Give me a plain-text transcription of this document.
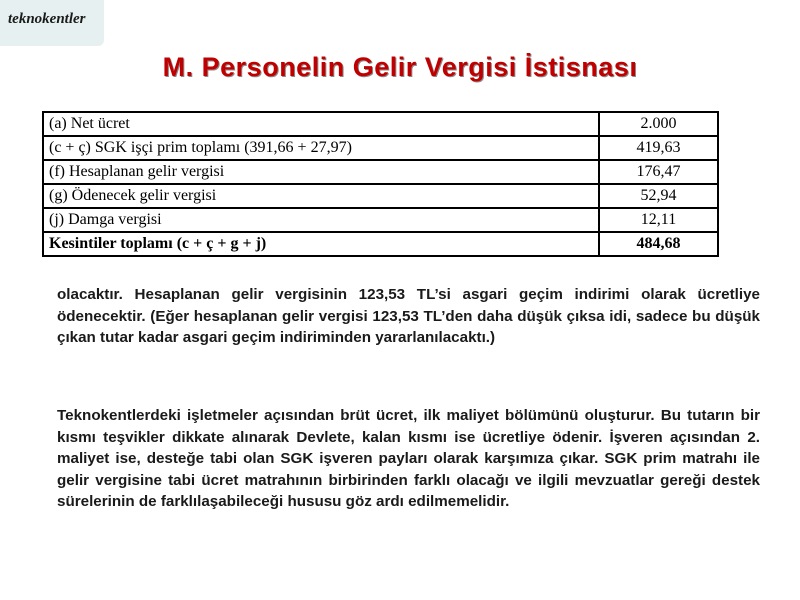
teknokentler
M. Personelin Gelir Vergisi İstisnası
(a) Net ücret	2.000
(c + ç) SGK işçi prim toplamı (391,66 + 27,97)	419,63
(f) Hesaplanan gelir vergisi	176,47
(g) Ödenecek gelir vergisi	52,94
(j) Damga vergisi	12,11
Kesintiler toplamı (c + ç + g + j)	484,68

olacaktır. Hesaplanan gelir vergisinin 123,53 TL’si asgari geçim indirimi olarak ücretliye ödenecektir. (Eğer hesaplanan gelir vergisi 123,53 TL’den daha düşük çıksa idi, sadece bu düşük çıkan tutar kadar asgari geçim indiriminden yararlanılacaktı.)

Teknokentlerdeki işletmeler açısından brüt ücret, ilk maliyet bölümünü oluşturur. Bu tutarın bir kısmı teşvikler dikkate alınarak Devlete, kalan kısmı ise ücretliye ödenir. İşveren açısından 2. maliyet ise, desteğe tabi olan SGK işveren payları olarak karşımıza çıkar. SGK prim matrahı ile gelir vergisine tabi ücret matrahının birbirinden farklı olacağı ve ilgili mevzuatlar gereği destek sürelerinin de farklılaşabileceği hususu göz ardı edilmemelidir.
